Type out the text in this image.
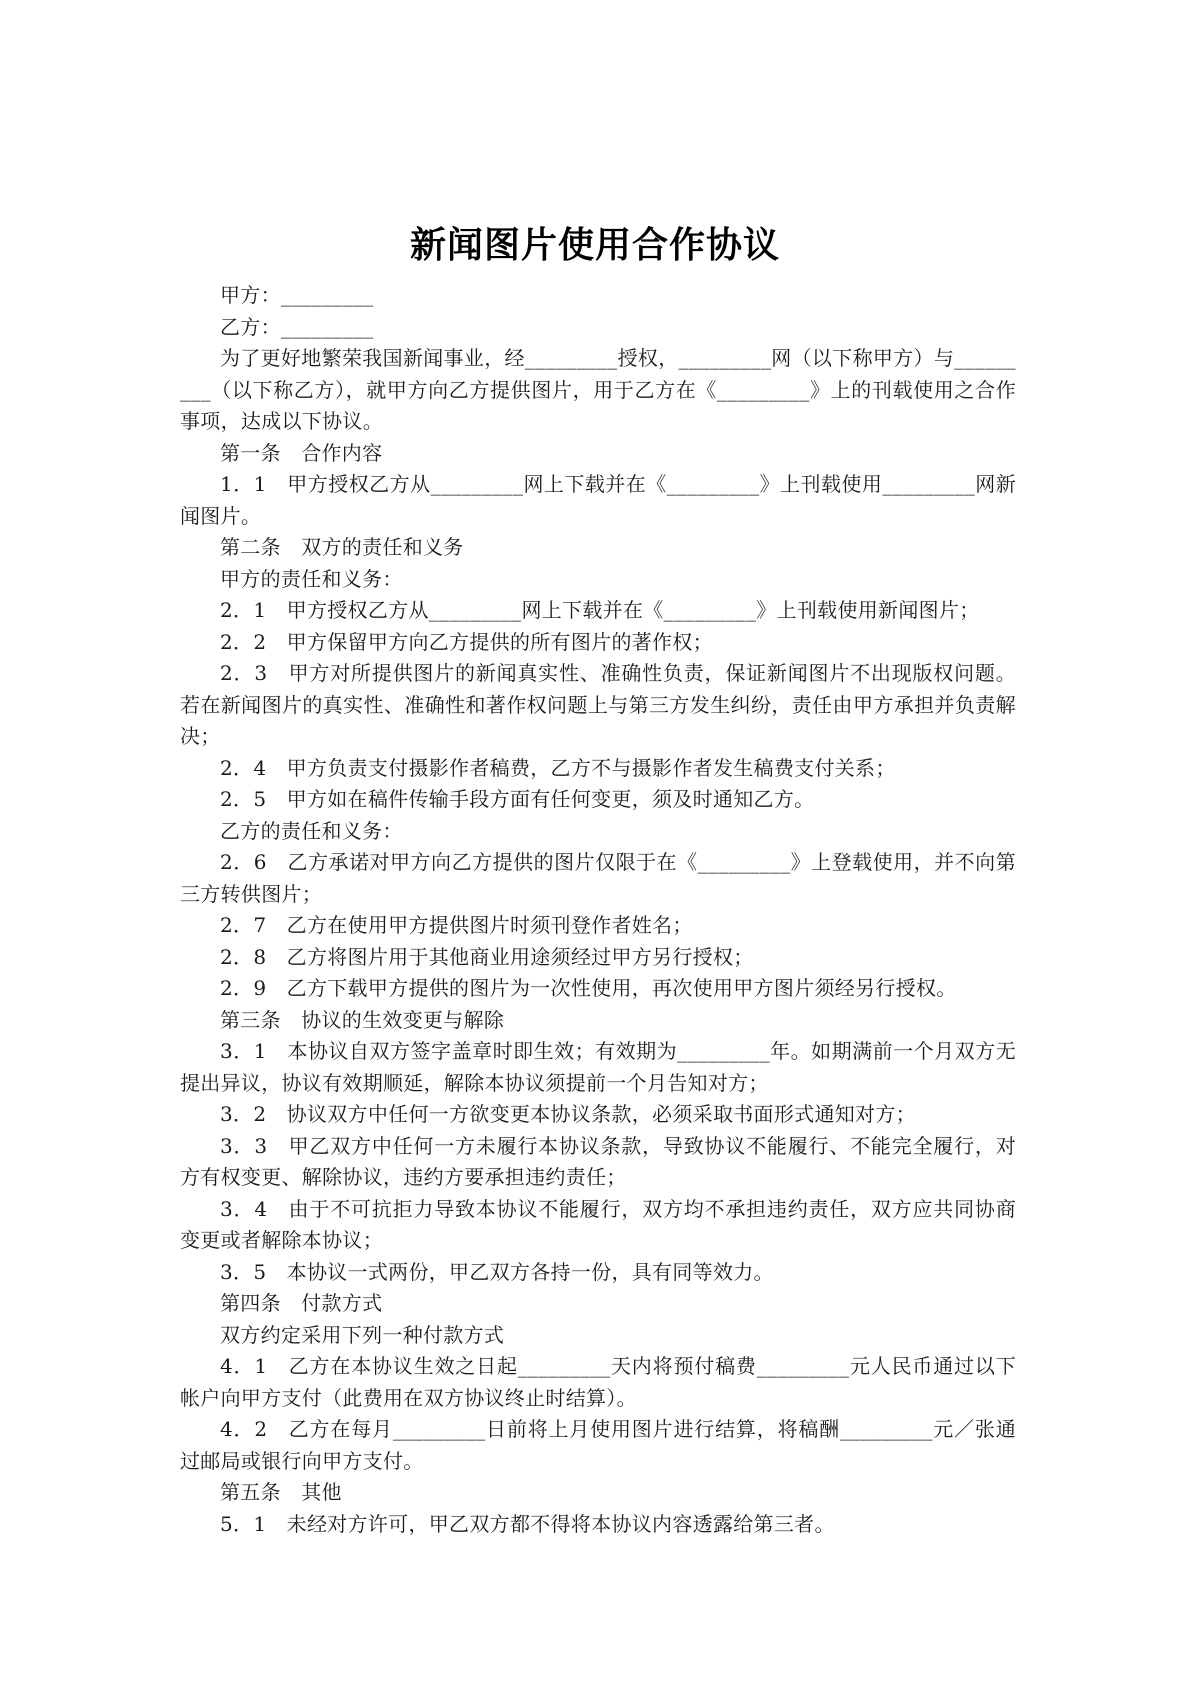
新闻图片使用合作协议

甲方：_________

乙方：_________

为了更好地繁荣我国新闻事业，经_________授权，_________网（以下称甲方）与_________（以下称乙方），就甲方向乙方提供图片，用于乙方在《_________》上的刊载使用之合作事项，达成以下协议。

第一条　合作内容

1．1　甲方授权乙方从_________网上下载并在《_________》上刊载使用_________网新闻图片。

第二条　双方的责任和义务

甲方的责任和义务：

2．1　甲方授权乙方从_________网上下载并在《_________》上刊载使用新闻图片；

2．2　甲方保留甲方向乙方提供的所有图片的著作权；

2．3　甲方对所提供图片的新闻真实性、准确性负责，保证新闻图片不出现版权问题。若在新闻图片的真实性、准确性和著作权问题上与第三方发生纠纷，责任由甲方承担并负责解决；

2．4　甲方负责支付摄影作者稿费，乙方不与摄影作者发生稿费支付关系；

2．5　甲方如在稿件传输手段方面有任何变更，须及时通知乙方。

乙方的责任和义务：

2．6　乙方承诺对甲方向乙方提供的图片仅限于在《_________》上登载使用，并不向第三方转供图片；

2．7　乙方在使用甲方提供图片时须刊登作者姓名；

2．8　乙方将图片用于其他商业用途须经过甲方另行授权；

2．9　乙方下载甲方提供的图片为一次性使用，再次使用甲方图片须经另行授权。

第三条　协议的生效变更与解除

3．1　本协议自双方签字盖章时即生效；有效期为_________年。如期满前一个月双方无提出异议，协议有效期顺延，解除本协议须提前一个月告知对方；

3．2　协议双方中任何一方欲变更本协议条款，必须采取书面形式通知对方；

3．3　甲乙双方中任何一方未履行本协议条款，导致协议不能履行、不能完全履行，对方有权变更、解除协议，违约方要承担违约责任；

3．4　由于不可抗拒力导致本协议不能履行，双方均不承担违约责任，双方应共同协商变更或者解除本协议；

3．5　本协议一式两份，甲乙双方各持一份，具有同等效力。

第四条　付款方式

双方约定采用下列一种付款方式

4．1　乙方在本协议生效之日起_________天内将预付稿费_________元人民币通过以下帐户向甲方支付（此费用在双方协议终止时结算）。

4．2　乙方在每月_________日前将上月使用图片进行结算，将稿酬_________元／张通过邮局或银行向甲方支付。

第五条　其他

5．1　未经对方许可，甲乙双方都不得将本协议内容透露给第三者。
